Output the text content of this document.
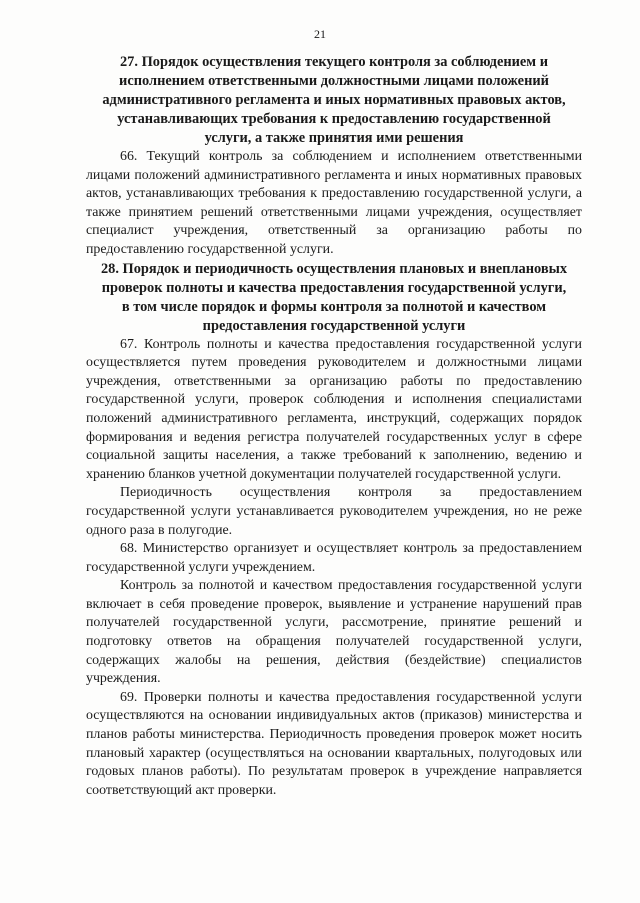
21
27. Порядок осуществления текущего контроля за соблюдением и
исполнением ответственными должностными лицами положений
административного регламента и иных нормативных правовых актов,
устанавливающих требования к предоставлению государственной
услуги, а также принятия ими решения

66. Текущий контроль за соблюдением и исполнением ответственными лицами положений административного регламента и иных нормативных правовых актов, устанавливающих требования к предоставлению государственной услуги, а также принятием решений ответственными лицами учреждения, осуществляет специалист учреждения, ответственный за организацию работы по предоставлению государственной услуги.

28. Порядок и периодичность осуществления плановых и внеплановых
проверок полноты и качества предоставления государственной услуги,
в том числе порядок и формы контроля за полнотой и качеством
предоставления государственной услуги

67. Контроль полноты и качества предоставления государственной услуги осуществляется путем проведения руководителем и должностными лицами учреждения, ответственными за организацию работы по предоставлению государственной услуги, проверок соблюдения и исполнения специалистами положений административного регламента, инструкций, содержащих порядок формирования и ведения регистра получателей государственных услуг в сфере социальной защиты населения, а также требований к заполнению, ведению и хранению бланков учетной документации получателей государственной услуги.

Периодичность осуществления контроля за предоставлением государственной услуги устанавливается руководителем учреждения, но не реже одного раза в полугодие.

68. Министерство организует и осуществляет контроль за предоставлением государственной услуги учреждением.

Контроль за полнотой и качеством предоставления государственной услуги включает в себя проведение проверок, выявление и устранение нарушений прав получателей государственной услуги, рассмотрение, принятие решений и подготовку ответов на обращения получателей государственной услуги, содержащих жалобы на решения, действия (бездействие) специалистов учреждения.

69. Проверки полноты и качества предоставления государственной услуги осуществляются на основании индивидуальных актов (приказов) министерства и планов работы министерства. Периодичность проведения проверок может носить плановый характер (осуществляться на основании квартальных, полугодовых или годовых планов работы). По результатам проверок в учреждение направляется соответствующий акт проверки.
